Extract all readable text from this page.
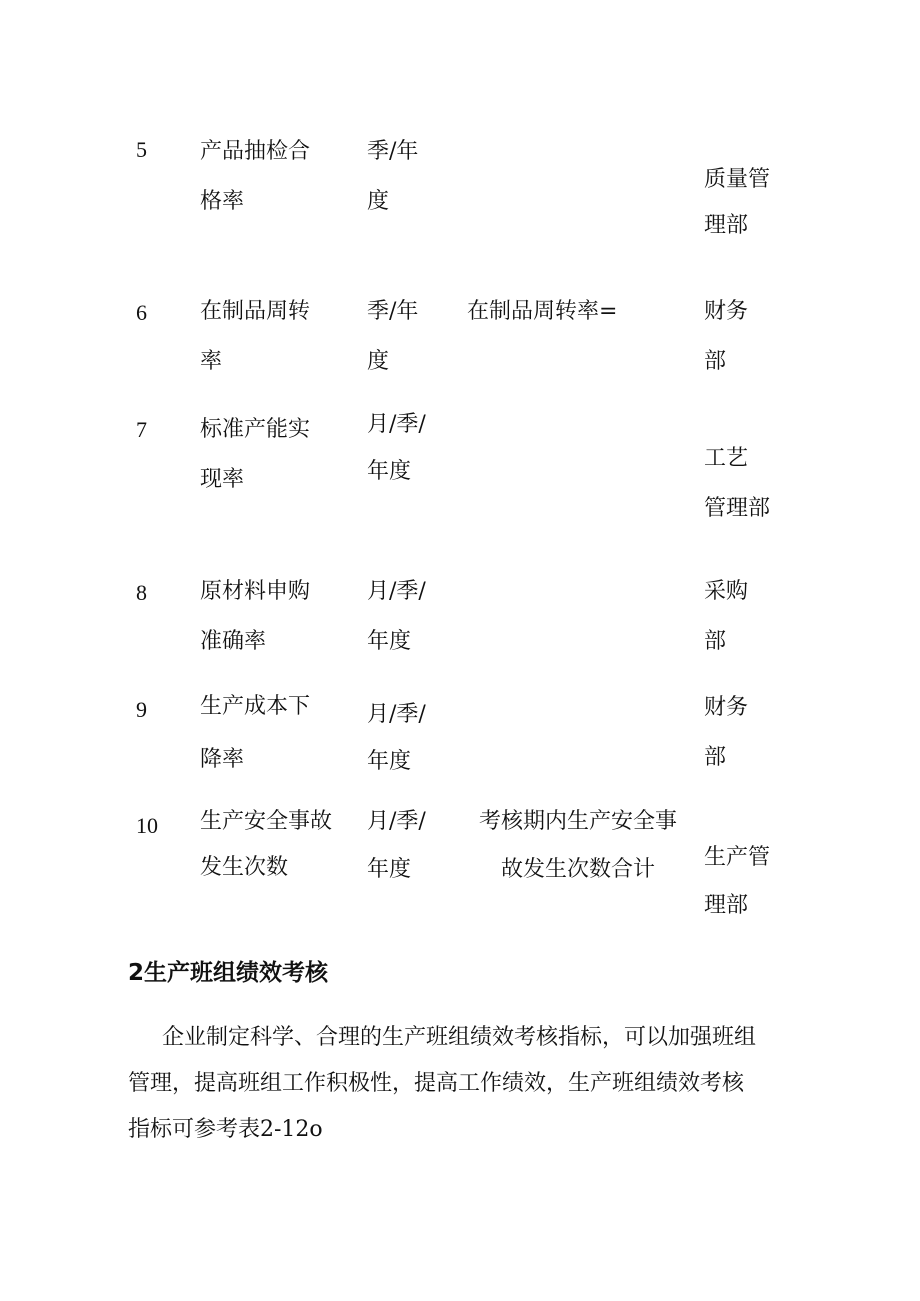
5 产品抽检合
格率
季/年
度
质量管
理部
6 在制品周转
率
季/年
度
在制品周转率=	财务
部
7 标准产能实
现率
月/季/
年度
工艺
管理部
8 原材料申购
准确率
月/季/
年度
采购
部
9 生产成本下
降率
月/季/
年度
财务
部
10 生产安全事故
发生次数
月/季/
年度
考核期内生产安全事
故发生次数合计	生产管
理部
2生产班组绩效考核
企业制定科学、合理的生产班组绩效考核指标，可以加强班组
管理，提高班组工作积极性，提高工作绩效，生产班组绩效考核
指标可参考表2-12o
